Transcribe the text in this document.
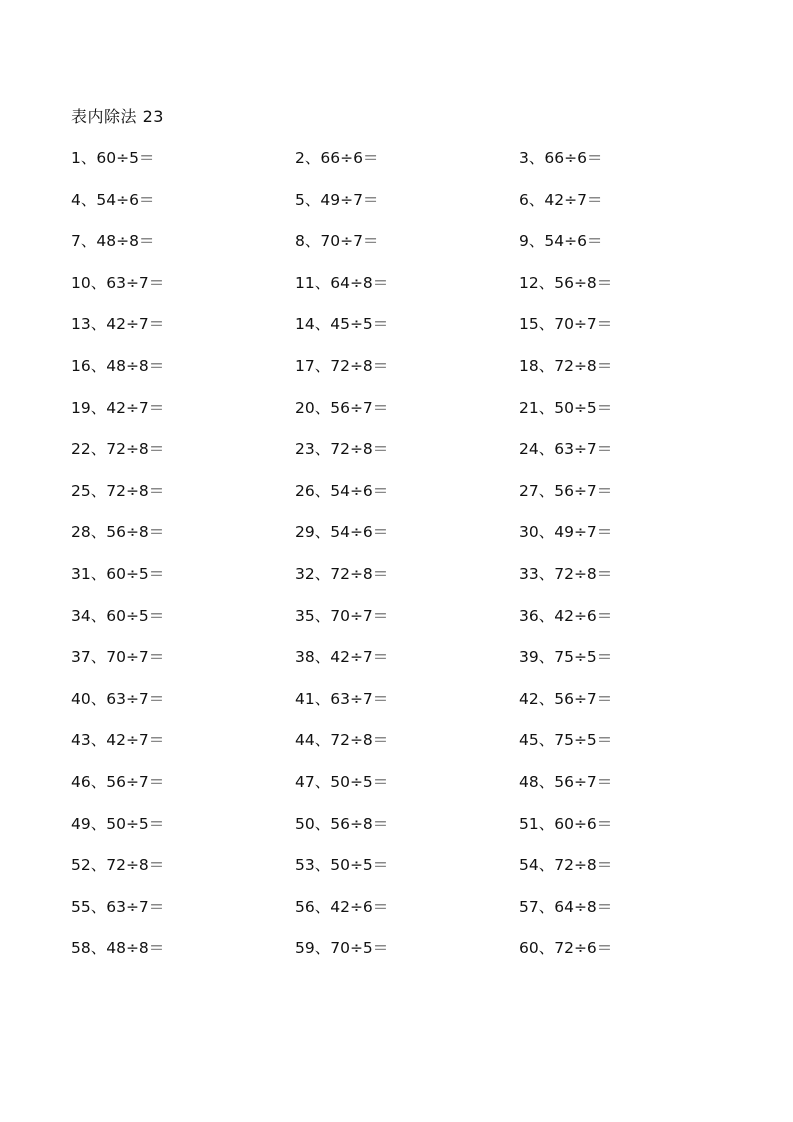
表内除法 23
1、60÷5＝	2、66÷6＝	3、66÷6＝
4、54÷6＝	5、49÷7＝	6、42÷7＝
7、48÷8＝	8、70÷7＝	9、54÷6＝
10、63÷7＝	11、64÷8＝	12、56÷8＝
13、42÷7＝	14、45÷5＝	15、70÷7＝
16、48÷8＝	17、72÷8＝	18、72÷8＝
19、42÷7＝	20、56÷7＝	21、50÷5＝
22、72÷8＝	23、72÷8＝	24、63÷7＝
25、72÷8＝	26、54÷6＝	27、56÷7＝
28、56÷8＝	29、54÷6＝	30、49÷7＝
31、60÷5＝	32、72÷8＝	33、72÷8＝
34、60÷5＝	35、70÷7＝	36、42÷6＝
37、70÷7＝	38、42÷7＝	39、75÷5＝
40、63÷7＝	41、63÷7＝	42、56÷7＝
43、42÷7＝	44、72÷8＝	45、75÷5＝
46、56÷7＝	47、50÷5＝	48、56÷7＝
49、50÷5＝	50、56÷8＝	51、60÷6＝
52、72÷8＝	53、50÷5＝	54、72÷8＝
55、63÷7＝	56、42÷6＝	57、64÷8＝
58、48÷8＝	59、70÷5＝	60、72÷6＝
